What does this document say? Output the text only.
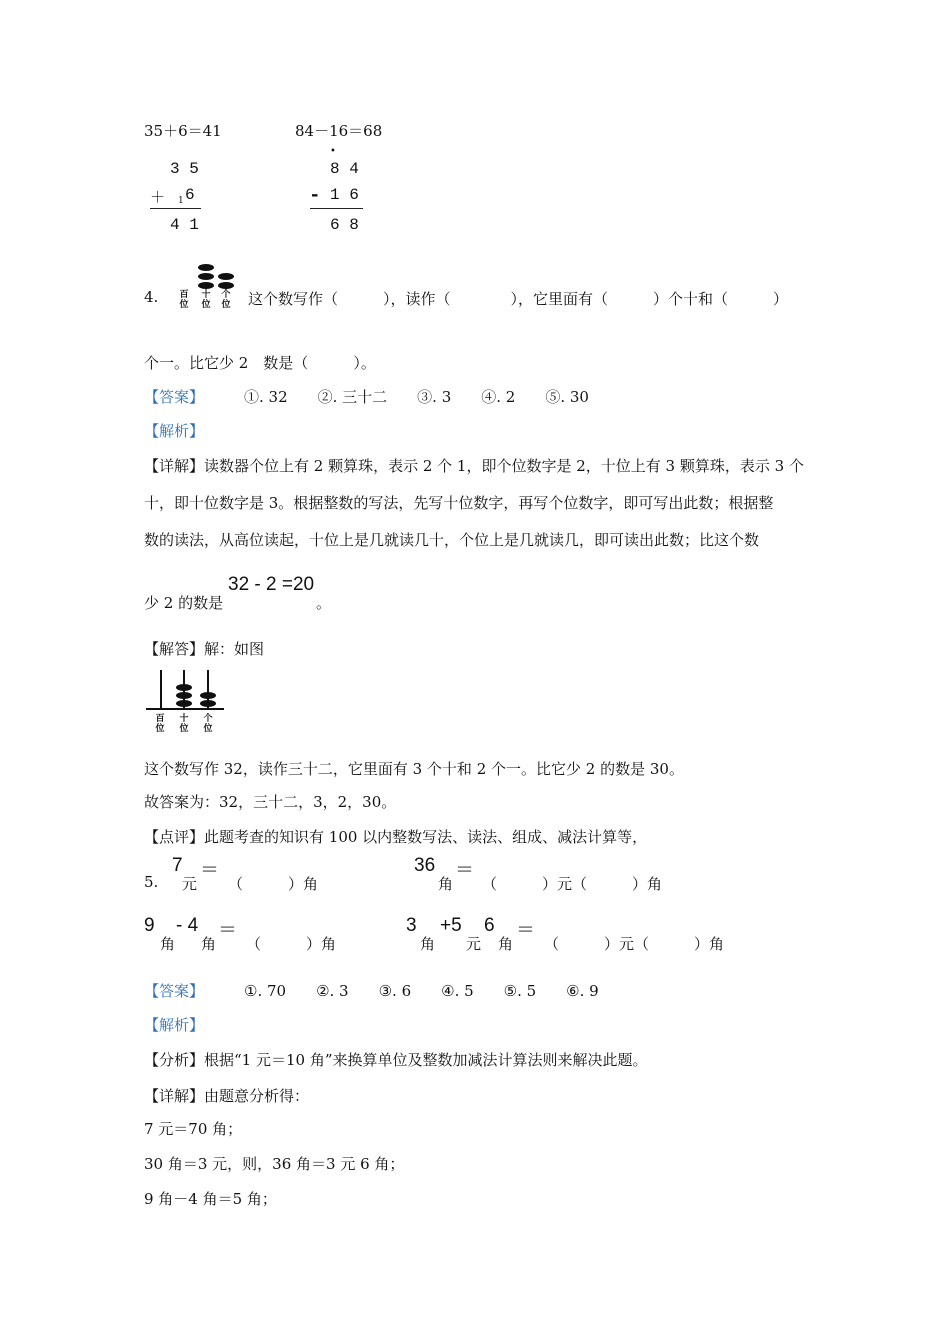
35＋6＝41	84－16＝68
3 5
＋ 1 6
4 1
•
8 4
- 1 6
6 8
4.	百
位
十
位
个
位 这个数写作（　　　），读作（　　　　），它里面有（　　　）个十和（　　　）
个一。比它少 2　数是（　　　）。
【答案】	①. 32　　②. 三十二　　③. 3　　④. 2　　⑤. 30
【解析】
【详解】读数器个位上有 2 颗算珠，表示 2 个 1，即个位数字是 2，十位上有 3 颗算珠，表示 3 个
十，即十位数字是 3。根据整数的写法，先写十位数字，再写个位数字，即可写出此数；根据整
数的读法，从高位读起，十位上是几就读几十，个位上是几就读几，即可读出此数；比这个数
少 2 的数是
32 - 2 =20
。
【解答】解：如图
百
位
十
位
个
位
这个数写作 32，读作三十二，它里面有 3 个十和 2 个一。比它少 2 的数是 30。
故答案为：32，三十二，3，2，30。
【点评】此题考查的知识有 100 以内整数写法、读法、组成、减法计算等，
5.
7
元
＝
（　　　）角
36
角
＝
（　　　）元（　　　）角
9
角
- 4
角
＝
（　　　）角
3
角
+5
元
6
角
＝
（　　　）元（　　　）角
【答案】	①. 70　　②. 3　　③. 6　　④. 5　　⑤. 5　　⑥. 9
【解析】
【分析】根据“1 元＝10 角”来换算单位及整数加减法计算法则来解决此题。
【详解】由题意分析得：
7 元＝70 角；
30 角＝3 元，则，36 角＝3 元 6 角；
9 角－4 角＝5 角；
